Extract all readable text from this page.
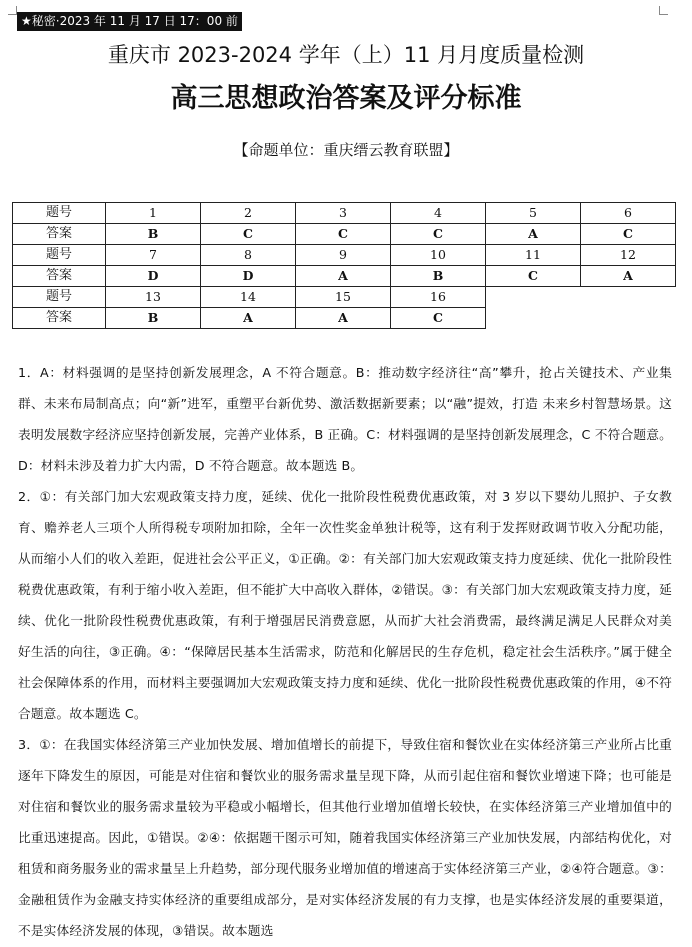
★秘密·2023 年 11 月 17 日 17：00 前
重庆市 2023-2024 学年（上）11 月月度质量检测
高三思想政治答案及评分标准
【命题单位：重庆缙云教育联盟】
题号	1	2	3	4	5	6
答案	B	C	C	C	A	C
题号	7	8	9	10	11	12
答案	D	D	A	B	C	A
题号	13	14	15	16		
答案	B	A	A	C		

1．A：材料强调的是坚持创新发展理念，A 不符合题意。B：推动数字经济往“高”攀升，抢占关键技术、产业集群、未来布局制高点；向“新”进军，重塑平台新优势、激活数据新要素；以“融”提效，打造 未来乡村智慧场景。这表明发展数字经济应坚持创新发展，完善产业体系，B 正确。C：材料强调的是坚持创新发展理念，C 不符合题意。D：材料未涉及着力扩大内需，D 不符合题意。故本题选 B。

2．①：有关部门加大宏观政策支持力度，延续、优化一批阶段性税费优惠政策，对 3 岁以下婴幼儿照护、子女教育、赡养老人三项个人所得税专项附加扣除，全年一次性奖金单独计税等，这有利于发挥财政调节收入分配功能，从而缩小人们的收入差距，促进社会公平正义，①正确。②：有关部门加大宏观政策支持力度延续、优化一批阶段性税费优惠政策，有利于缩小收入差距，但不能扩大中高收入群体，②错误。③：有关部门加大宏观政策支持力度，延续、优化一批阶段性税费优惠政策，有利于增强居民消费意愿，从而扩大社会消费需，最终满足满足人民群众对美好生活的向往，③正确。④：“保障居民基本生活需求，防范和化解居民的生存危机，稳定社会生活秩序。”属于健全社会保障体系的作用，而材料主要强调加大宏观政策支持力度和延续、优化一批阶段性税费优惠政策的作用，④不符合题意。故本题选 C。

3．①：在我国实体经济第三产业加快发展、增加值增长的前提下，导致住宿和餐饮业在实体经济第三产业所占比重逐年下降发生的原因，可能是对住宿和餐饮业的服务需求量呈现下降，从而引起住宿和餐饮业增速下降；也可能是对住宿和餐饮业的服务需求量较为平稳或小幅增长，但其他行业增加值增长较快，在实体经济第三产业增加值中的比重迅速提高。因此，①错误。②④：依据题干图示可知，随着我国实体经济第三产业加快发展，内部结构优化，对租赁和商务服务业的需求量呈上升趋势，部分现代服务业增加值的增速高于实体经济第三产业，②④符合题意。③：金融租赁作为金融支持实体经济的重要组成部分，是对实体经济发展的有力支撑，也是实体经济发展的重要渠道，不是实体经济发展的体现，③错误。故本题选
